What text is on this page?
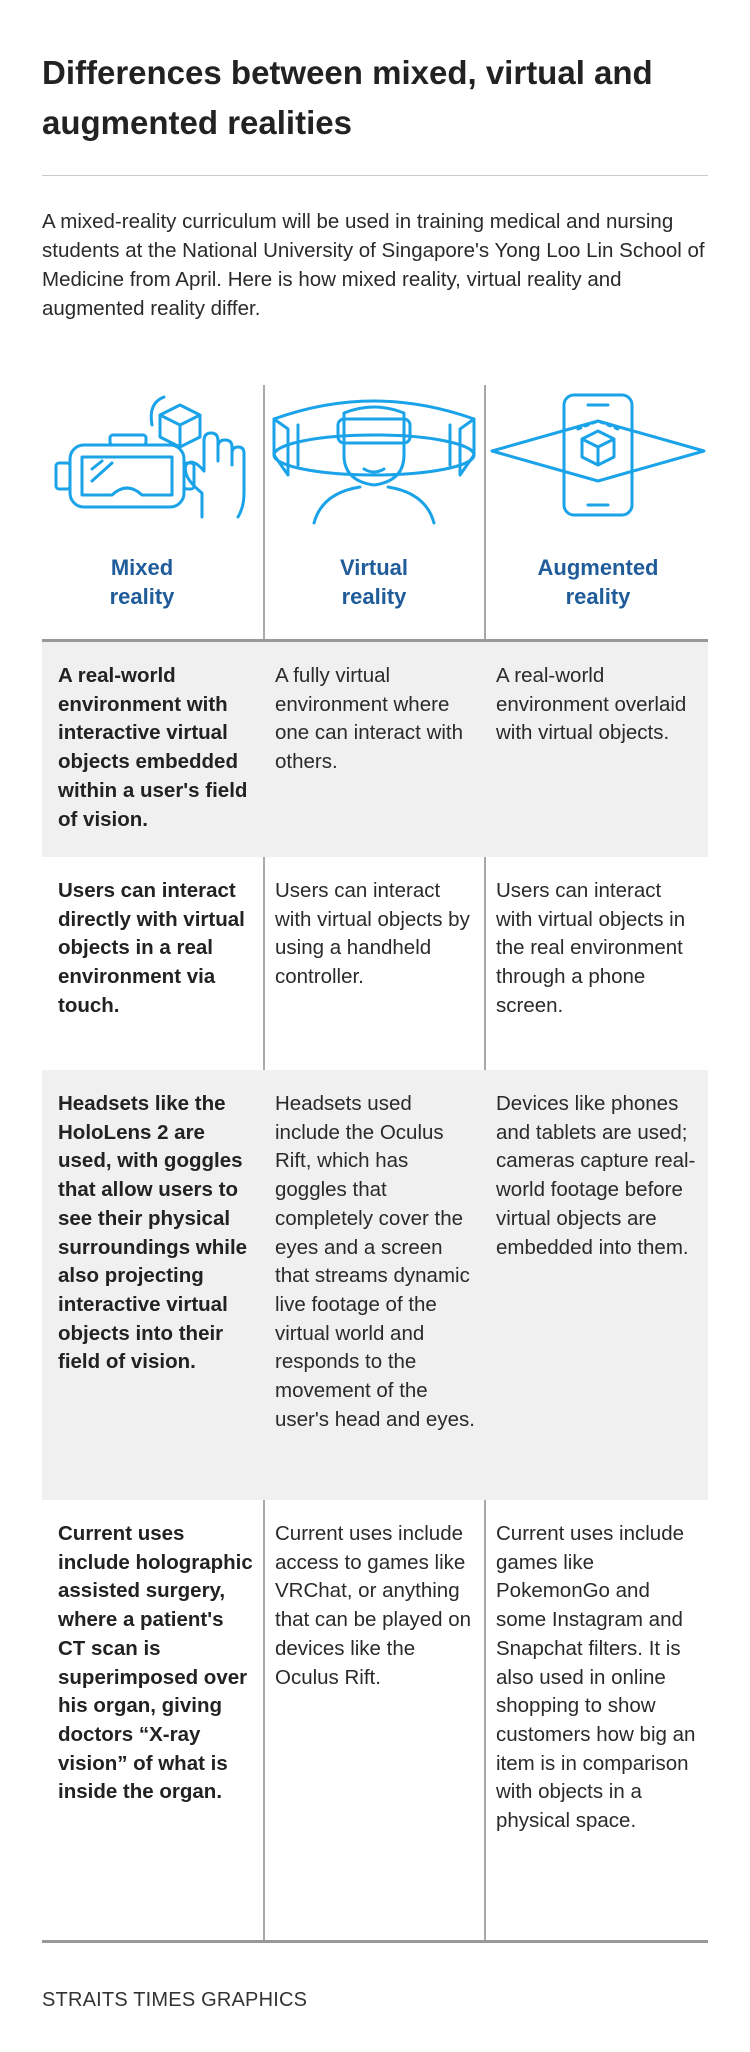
Differences between mixed, virtual and augmented realities

A mixed-reality curriculum will be used in training medical and nursing students at the National University of Singapore's Yong Loo Lin School of Medicine from April. Here is how mixed reality, virtual reality and augmented reality differ.

Mixed
reality
Virtual
reality
Augmented
reality
A real-world environment with interactive virtual objects embedded within a user's field of vision.
A fully virtual environment where one can interact with others.
A real-world environment overlaid with virtual objects.
Users can interact directly with virtual objects in a real environment via touch.
Users can interact with virtual objects by using a handheld controller.
Users can interact with virtual objects in the real environment through a phone screen.
Headsets like the HoloLens 2 are used, with goggles that allow users to see their physical surroundings while also projecting interactive virtual objects into their field of vision.
Headsets used include the Oculus Rift, which has goggles that completely cover the eyes and a screen that streams dynamic live footage of the virtual world and responds to the movement of the user's head and eyes.
Devices like phones and tablets are used; cameras capture real-world footage before virtual objects are embedded into them.
Current uses include holographic assisted surgery, where a patient's CT scan is superimposed over his organ, giving doctors “X-ray vision” of what is inside the organ.
Current uses include access to games like VRChat, or anything that can be played on devices like the Oculus Rift.
Current uses include games like PokemonGo and some Instagram and Snapchat filters. It is also used in online shopping to show customers how big an item is in comparison with objects in a physical space.
STRAITS TIMES GRAPHICS
